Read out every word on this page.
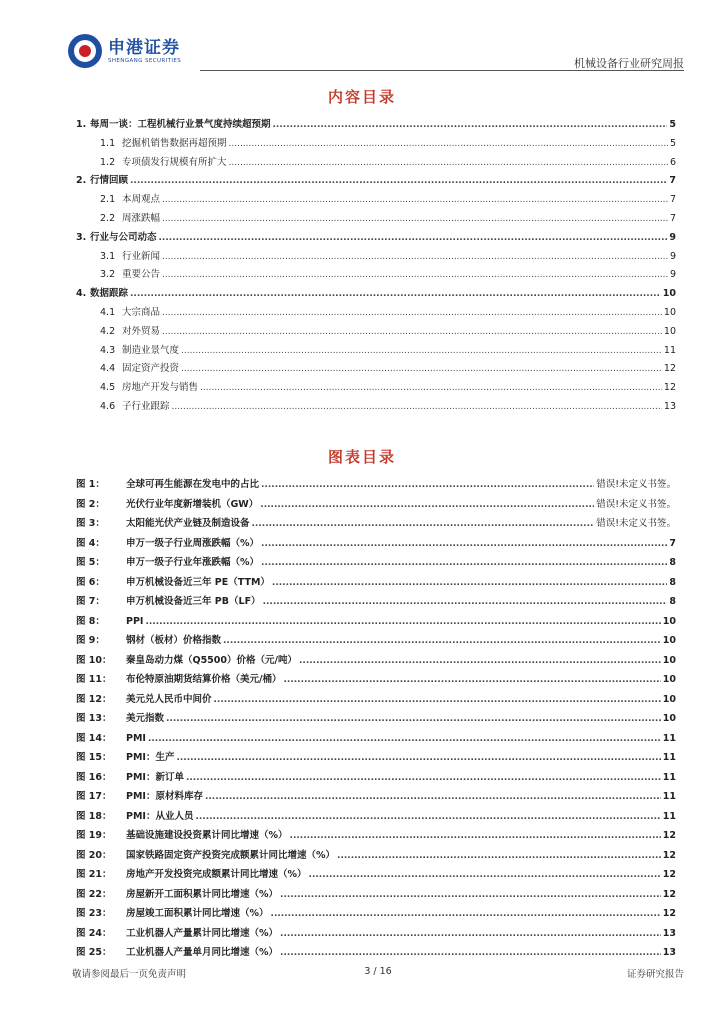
申港证券
SHENGANG SECURITIES	机械设备行业研究周报
内容目录
1. 每周一谈：工程机械行业景气度持续超预期 .....	5
1.1 挖掘机销售数据再超预期 .....	5
1.2 专项债发行规模有所扩大 .....	6
2. 行情回顾 .....	7
2.1 本周观点 .....	7
2.2 周涨跌幅 .....	7
3. 行业与公司动态 .....	9
3.1 行业新闻 .....	9
3.2 重要公告 .....	9
4. 数据跟踪 .....	10
4.1 大宗商品 .....	10
4.2 对外贸易 .....	10
4.3 制造业景气度 .....	11
4.4 固定资产投资 .....	12
4.5 房地产开发与销售 .....	12
4.6 子行业跟踪 .....	13
图表目录
图 1： 全球可再生能源在发电中的占比 .....	错误!未定义书签。
图 2： 光伏行业年度新增装机（GW） .....	错误!未定义书签。
图 3： 太阳能光伏产业链及制造设备 .....	错误!未定义书签。
图 4： 申万一级子行业周涨跌幅（%） .....	7
图 5： 申万一级子行业年涨跌幅（%） .....	8
图 6： 申万机械设备近三年 PE（TTM） .....	8
图 7： 申万机械设备近三年 PB（LF） .....	8
图 8： PPI .....	10
图 9： 钢材（板材）价格指数 .....	10
图 10： 秦皇岛动力煤（Q5500）价格（元/吨） .....	10
图 11： 布伦特原油期货结算价格（美元/桶） .....	10
图 12： 美元兑人民币中间价 .....	10
图 13： 美元指数 .....	10
图 14： PMI .....	11
图 15： PMI：生产 .....	11
图 16： PMI：新订单 .....	11
图 17： PMI：原材料库存 .....	11
图 18： PMI：从业人员 .....	11
图 19： 基础设施建设投资累计同比增速（%） .....	12
图 20： 国家铁路固定资产投资完成额累计同比增速（%） .....	12
图 21： 房地产开发投资完成额累计同比增速（%） .....	12
图 22： 房屋新开工面积累计同比增速（%） .....	12
图 23： 房屋竣工面积累计同比增速（%） .....	12
图 24： 工业机器人产量累计同比增速（%） .....	13
图 25： 工业机器人产量单月同比增速（%） .....	13
敬请参阅最后一页免责声明	3 / 16	证券研究报告
